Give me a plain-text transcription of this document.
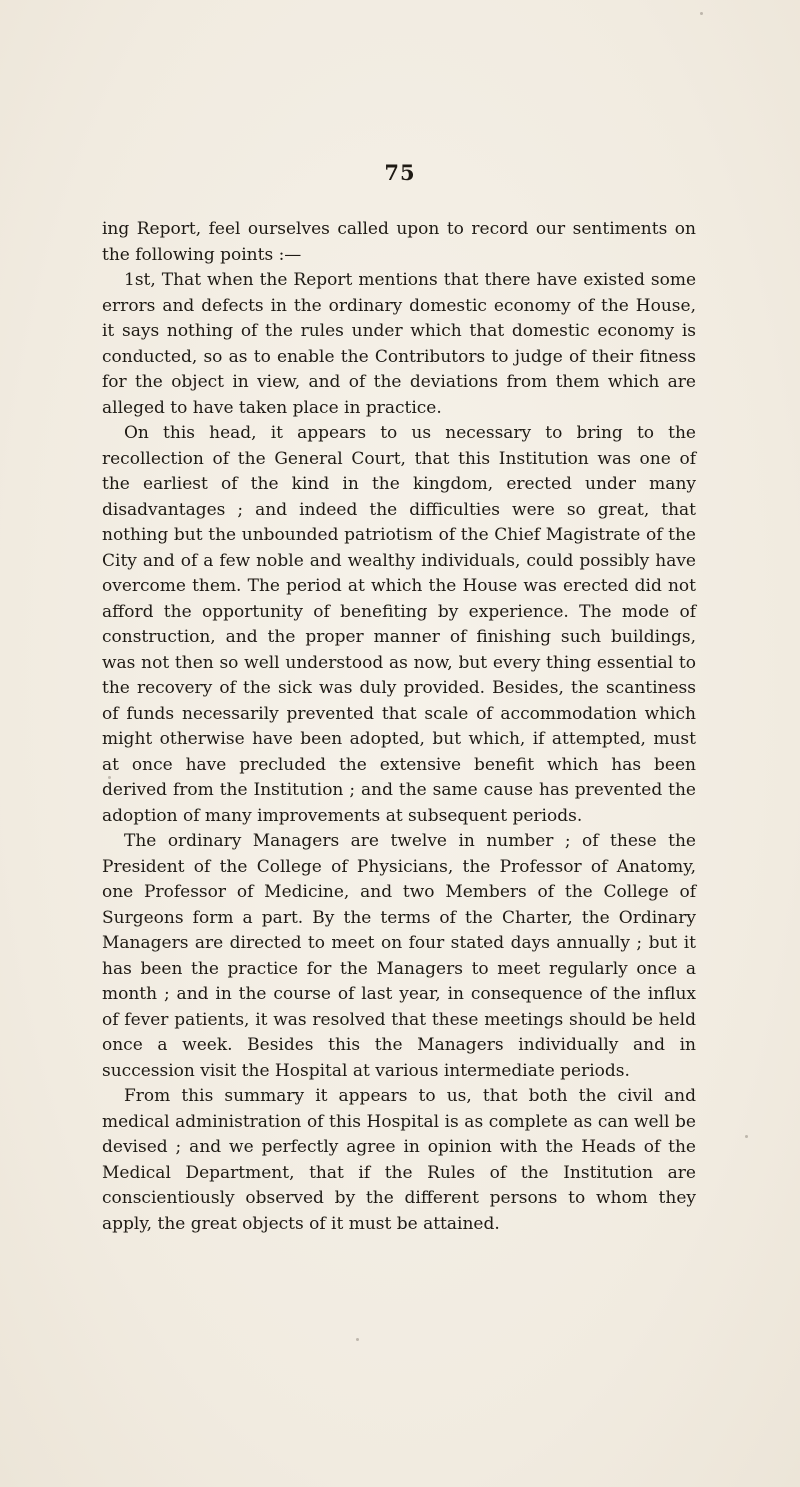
75

ing Report, feel ourselves called upon to record our sentiments on the following points :—

1st, That when the Report mentions that there have existed some errors and defects in the ordinary domestic economy of the House, it says nothing of the rules under which that domestic economy is conducted, so as to enable the Contributors to judge of their fitness for the object in view, and of the deviations from them which are alleged to have taken place in practice.

On this head, it appears to us necessary to bring to the recollection of the General Court, that this Institution was one of the earliest of the kind in the kingdom, erected under many disadvantages ; and indeed the difficulties were so great, that nothing but the unbounded patriotism of the Chief Magistrate of the City and of a few noble and wealthy individuals, could possibly have overcome them. The period at which the House was erected did not afford the opportunity of benefiting by experience. The mode of construction, and the proper manner of finishing such buildings, was not then so well understood as now, but every thing essential to the recovery of the sick was duly provided. Besides, the scantiness of funds necessarily prevented that scale of accommodation which might otherwise have been adopted, but which, if attempted, must at once have precluded the extensive benefit which has been derived from the Institution ; and the same cause has prevented the adoption of many improvements at subsequent periods.

The ordinary Managers are twelve in number ; of these the President of the College of Physicians, the Professor of Anatomy, one Professor of Medicine, and two Members of the College of Surgeons form a part. By the terms of the Charter, the Ordinary Managers are directed to meet on four stated days annually ; but it has been the practice for the Managers to meet regularly once a month ; and in the course of last year, in consequence of the influx of fever patients, it was resolved that these meetings should be held once a week. Besides this the Managers individually and in succession visit the Hospital at various intermediate periods.

From this summary it appears to us, that both the civil and medical administration of this Hospital is as complete as can well be devised ; and we perfectly agree in opinion with the Heads of the Medical Department, that if the Rules of the Institution are conscientiously observed by the different persons to whom they apply, the great objects of it must be attained.
